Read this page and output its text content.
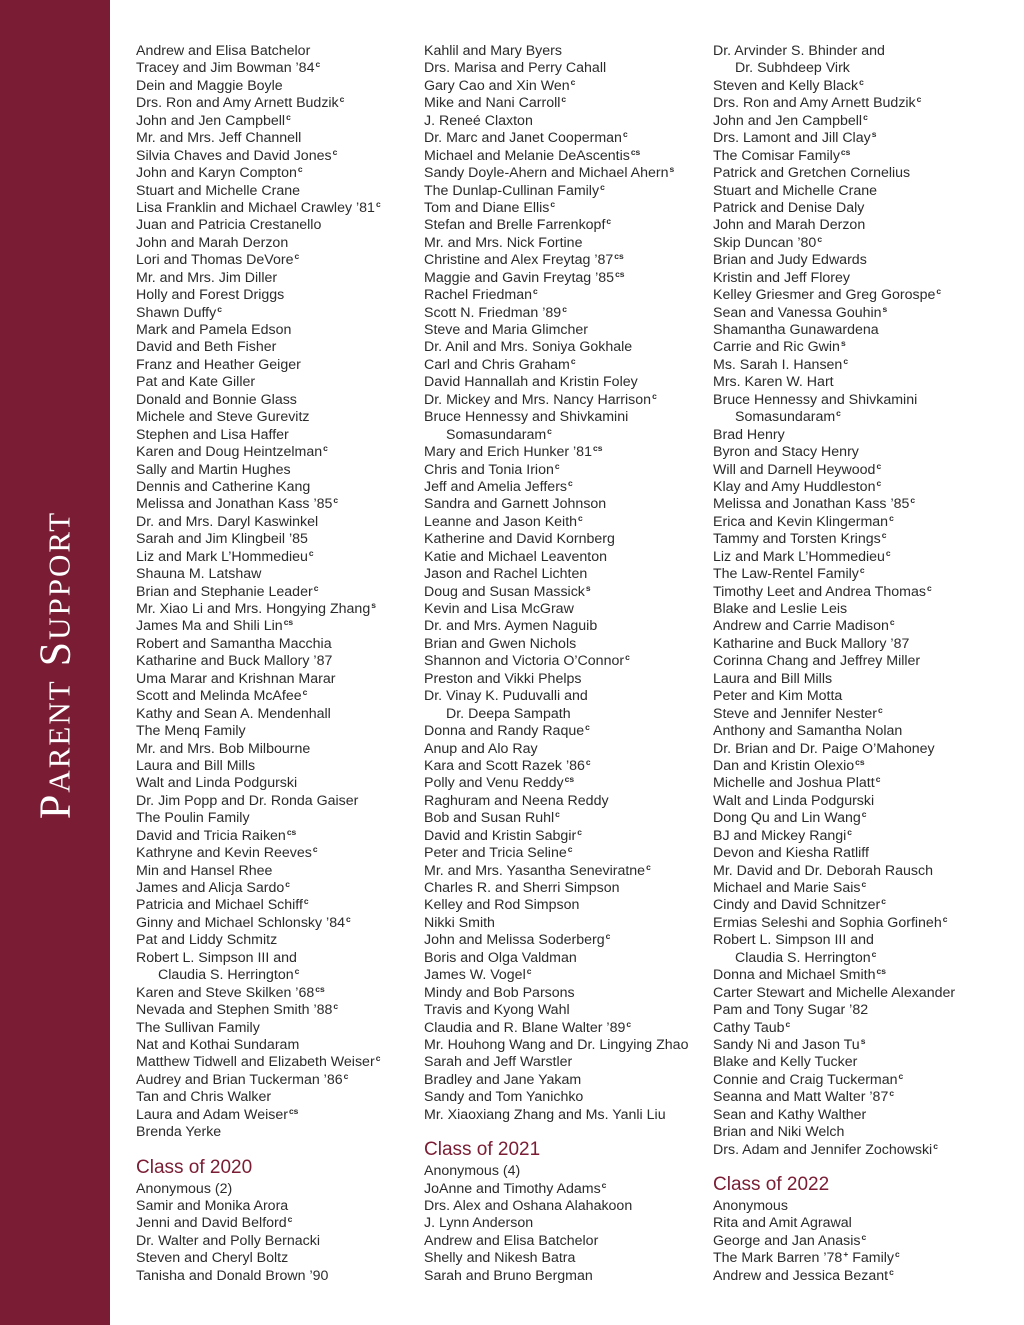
Parent Support
Andrew and Elisa Batchelor
Tracey and Jim Bowman ’84$^c$
Dein and Maggie Boyle
Drs. Ron and Amy Arnett Budzik$^c$
John and Jen Campbell$^c$
Mr. and Mrs. Jeff Channell
Silvia Chaves and David Jones$^c$
John and Karyn Compton$^c$
Stuart and Michelle Crane
Lisa Franklin and Michael Crawley ’81$^c$
Juan and Patricia Crestanello
John and Marah Derzon
Lori and Thomas DeVore$^c$
Mr. and Mrs. Jim Diller
Holly and Forest Driggs
Shawn Duffy$^c$
Mark and Pamela Edson
David and Beth Fisher
Franz and Heather Geiger
Pat and Kate Giller
Donald and Bonnie Glass
Michele and Steve Gurevitz
Stephen and Lisa Haffer
Karen and Doug Heintzelman$^c$
Sally and Martin Hughes
Dennis and Catherine Kang
Melissa and Jonathan Kass ’85$^c$
Dr. and Mrs. Daryl Kaswinkel
Sarah and Jim Klingbeil ’85
Liz and Mark L’Hommedieu$^c$
Shauna M. Latshaw
Brian and Stephanie Leader$^c$
Mr. Xiao Li and Mrs. Hongying Zhang$^s$
James Ma and Shili Lin$^{cs}$
Robert and Samantha Macchia
Katharine and Buck Mallory ’87
Uma Marar and Krishnan Marar
Scott and Melinda McAfee$^c$
Kathy and Sean A. Mendenhall
The Menq Family
Mr. and Mrs. Bob Milbourne
Laura and Bill Mills
Walt and Linda Podgurski
Dr. Jim Popp and Dr. Ronda Gaiser
The Poulin Family
David and Tricia Raiken$^{cs}$
Kathryne and Kevin Reeves$^c$
Min and Hansel Rhee
James and Alicja Sardo$^c$
Patricia and Michael Schiff$^c$
Ginny and Michael Schlonsky ’84$^c$
Pat and Liddy Schmitz
Robert L. Simpson III and
Claudia S. Herrington$^c$
Karen and Steve Skilken $’68^{cs}$
Nevada and Stephen Smith ’88$^c$
The Sullivan Family
Nat and Kothai Sundaram
Matthew Tidwell and Elizabeth Weiser$^c$
Audrey and Brian Tuckerman ’86$^c$
Tan and Chris Walker
Laura and Adam Weiser$^{cs}$
Brenda Yerke
Class of 2020
Anonymous (2)
Samir and Monika Arora
Jenni and David Belford$^c$
Dr. Walter and Polly Bernacki
Steven and Cheryl Boltz
Tanisha and Donald Brown ’90
Kahlil and Mary Byers
Drs. Marisa and Perry Cahall
Gary Cao and Xin Wen$^c$
Mike and Nani Carroll$^c$
J. Reneé Claxton
Dr. Marc and Janet Cooperman$^c$
Michael and Melanie DeAscentis$^{cs}$
Sandy Doyle-Ahern and Michael Ahern$^s$
The Dunlap-Cullinan Family$^c$
Tom and Diane Ellis$^c$
Stefan and Brelle Farrenkopf$^c$
Mr. and Mrs. Nick Fortine
Christine and Alex Freytag $’87^{cs}$
Maggie and Gavin Freytag $’85^{cs}$
Rachel Friedman$^c$
Scott N. Friedman ’89$^c$
Steve and Maria Glimcher
Dr. Anil and Mrs. Soniya Gokhale
Carl and Chris Graham$^c$
David Hannallah and Kristin Foley
Dr. Mickey and Mrs. Nancy Harrison$^c$
Bruce Hennessy and Shivkamini
Somasundaram$^c$
Mary and Erich Hunker $’81^{cs}$
Chris and Tonia Irion$^c$
Jeff and Amelia Jeffers$^c$
Sandra and Garnett Johnson
Leanne and Jason Keith$^c$
Katherine and David Kornberg
Katie and Michael Leaventon
Jason and Rachel Lichten
Doug and Susan Massick$^s$
Kevin and Lisa McGraw
Dr. and Mrs. Aymen Naguib
Brian and Gwen Nichols
Shannon and Victoria O’Connor$^c$
Preston and Vikki Phelps
Dr. Vinay K. Puduvalli and
Dr. Deepa Sampath
Donna and Randy Raque$^c$
Anup and Alo Ray
Kara and Scott Razek ’86$^c$
Polly and Venu Reddy$^{cs}$
Raghuram and Neena Reddy
Bob and Susan Ruhl$^c$
David and Kristin Sabgir$^c$
Peter and Tricia Seline$^c$
Mr. and Mrs. Yasantha Seneviratne$^c$
Charles R. and Sherri Simpson
Kelley and Rod Simpson
Nikki Smith
John and Melissa Soderberg$^c$
Boris and Olga Valdman
James W. Vogel$^c$
Mindy and Bob Parsons
Travis and Kyong Wahl
Claudia and R. Blane Walter ’89$^c$
Mr. Houhong Wang and Dr. Lingying Zhao
Sarah and Jeff Warstler
Bradley and Jane Yakam
Sandy and Tom Yanichko
Mr. Xiaoxiang Zhang and Ms. Yanli Liu
Class of 2021
Anonymous (4)
JoAnne and Timothy Adams$^c$
Drs. Alex and Oshana Alahakoon
J. Lynn Anderson
Andrew and Elisa Batchelor
Shelly and Nikesh Batra
Sarah and Bruno Bergman
Dr. Arvinder S. Bhinder and
Dr. Subhdeep Virk
Steven and Kelly Black$^c$
Drs. Ron and Amy Arnett Budzik$^c$
John and Jen Campbell$^c$
Drs. Lamont and Jill Clay$^s$
The Comisar Family$^{cs}$
Patrick and Gretchen Cornelius
Stuart and Michelle Crane
Patrick and Denise Daly
John and Marah Derzon
Skip Duncan ’80$^c$
Brian and Judy Edwards
Kristin and Jeff Florey
Kelley Griesmer and Greg Gorospe$^c$
Sean and Vanessa Gouhin$^s$
Shamantha Gunawardena
Carrie and Ric Gwin$^s$
Ms. Sarah I. Hansen$^c$
Mrs. Karen W. Hart
Bruce Hennessy and Shivkamini
Somasundaram$^c$
Brad Henry
Byron and Stacy Henry
Will and Darnell Heywood$^c$
Klay and Amy Huddleston$^c$
Melissa and Jonathan Kass ’85$^c$
Erica and Kevin Klingerman$^c$
Tammy and Torsten Krings$^c$
Liz and Mark L’Hommedieu$^c$
The Law-Rentel Family$^c$
Timothy Leet and Andrea Thomas$^c$
Blake and Leslie Leis
Andrew and Carrie Madison$^c$
Katharine and Buck Mallory ’87
Corinna Chang and Jeffrey Miller
Laura and Bill Mills
Peter and Kim Motta
Steve and Jennifer Nester$^c$
Anthony and Samantha Nolan
Dr. Brian and Dr. Paige O’Mahoney
Dan and Kristin Olexio$^{cs}$
Michelle and Joshua Platt$^c$
Walt and Linda Podgurski
Dong Qu and Lin Wang$^c$
BJ and Mickey Rangi$^c$
Devon and Kiesha Ratliff
Mr. David and Dr. Deborah Rausch
Michael and Marie Sais$^c$
Cindy and David Schnitzer$^c$
Ermias Seleshi and Sophia Gorfineh$^c$
Robert L. Simpson III and
Claudia S. Herrington$^c$
Donna and Michael Smith$^{cs}$
Carter Stewart and Michelle Alexander
Pam and Tony Sugar ’82
Cathy Taub$^c$
Sandy Ni and Jason Tu$^s$
Blake and Kelly Tucker
Connie and Craig Tuckerman$^c$
Seanna and Matt Walter ’87$^c$
Sean and Kathy Walther
Brian and Niki Welch
Drs. Adam and Jennifer Zochowski$^c$
Class of 2022
Anonymous
Rita and Amit Agrawal
George and Jan Anasis$^c$
The Mark Barren ’78+ Family$^c$
Andrew and Jessica Bezant$^c$
